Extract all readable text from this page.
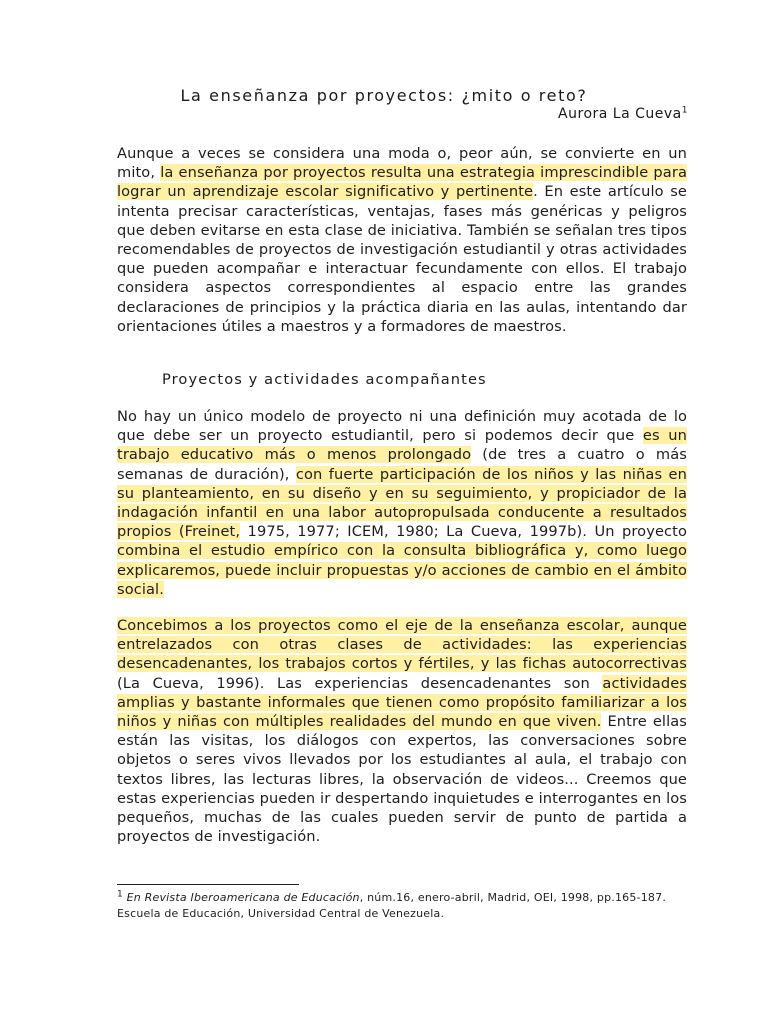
La enseñanza por proyectos: ¿mito o reto?
Aurora La Cueva$^1$

Aunque a veces se considera una moda o, peor aún, se convierte en un mito, la enseñanza por proyectos resulta una estrategia imprescindible para lograr un aprendizaje escolar significativo y pertinente. En este artículo se intenta precisar características, ventajas, fases más genéricas y peligros que deben evitarse en esta clase de iniciativa. También se señalan tres tipos recomendables de proyectos de investigación estudiantil y otras actividades que pueden acompañar e interactuar fecundamente con ellos. El trabajo considera aspectos correspondientes al espacio entre las grandes declaraciones de principios y la práctica diaria en las aulas, intentando dar orientaciones útiles a maestros y a formadores de maestros.

Proyectos y actividades acompañantes

No hay un único modelo de proyecto ni una definición muy acotada de lo que debe ser un proyecto estudiantil, pero si podemos decir que es un trabajo educativo más o menos prolongado (de tres a cuatro o más semanas de duración), con fuerte participación de los niños y las niñas en su planteamiento, en su diseño y en su seguimiento, y propiciador de la indagación infantil en una labor autopropulsada conducente a resultados propios (Freinet, 1975, 1977; ICEM, 1980; La Cueva, 1997b). Un proyecto combina el estudio empírico con la consulta bibliográfica y, como luego explicaremos, puede incluir propuestas y/o acciones de cambio en el ámbito social.

Concebimos a los proyectos como el eje de la enseñanza escolar, aunque entrelazados con otras clases de actividades: las experiencias desencadenantes, los trabajos cortos y fértiles, y las fichas autocorrectivas (La Cueva, 1996). Las experiencias desencadenantes son actividades amplias y bastante informales que tienen como propósito familiarizar a los niños y niñas con múltiples realidades del mundo en que viven. Entre ellas están las visitas, los diálogos con expertos, las conversaciones sobre objetos o seres vivos llevados por los estudiantes al aula, el trabajo con textos libres, las lecturas libres, la observación de videos... Creemos que estas experiencias pueden ir despertando inquietudes e interrogantes en los pequeños, muchas de las cuales pueden servir de punto de partida a proyectos de investigación.

$^1$ En Revista Iberoamericana de Educación, núm.16, enero-abril, Madrid, OEI, 1998, pp.165-187.

Escuela de Educación, Universidad Central de Venezuela.
